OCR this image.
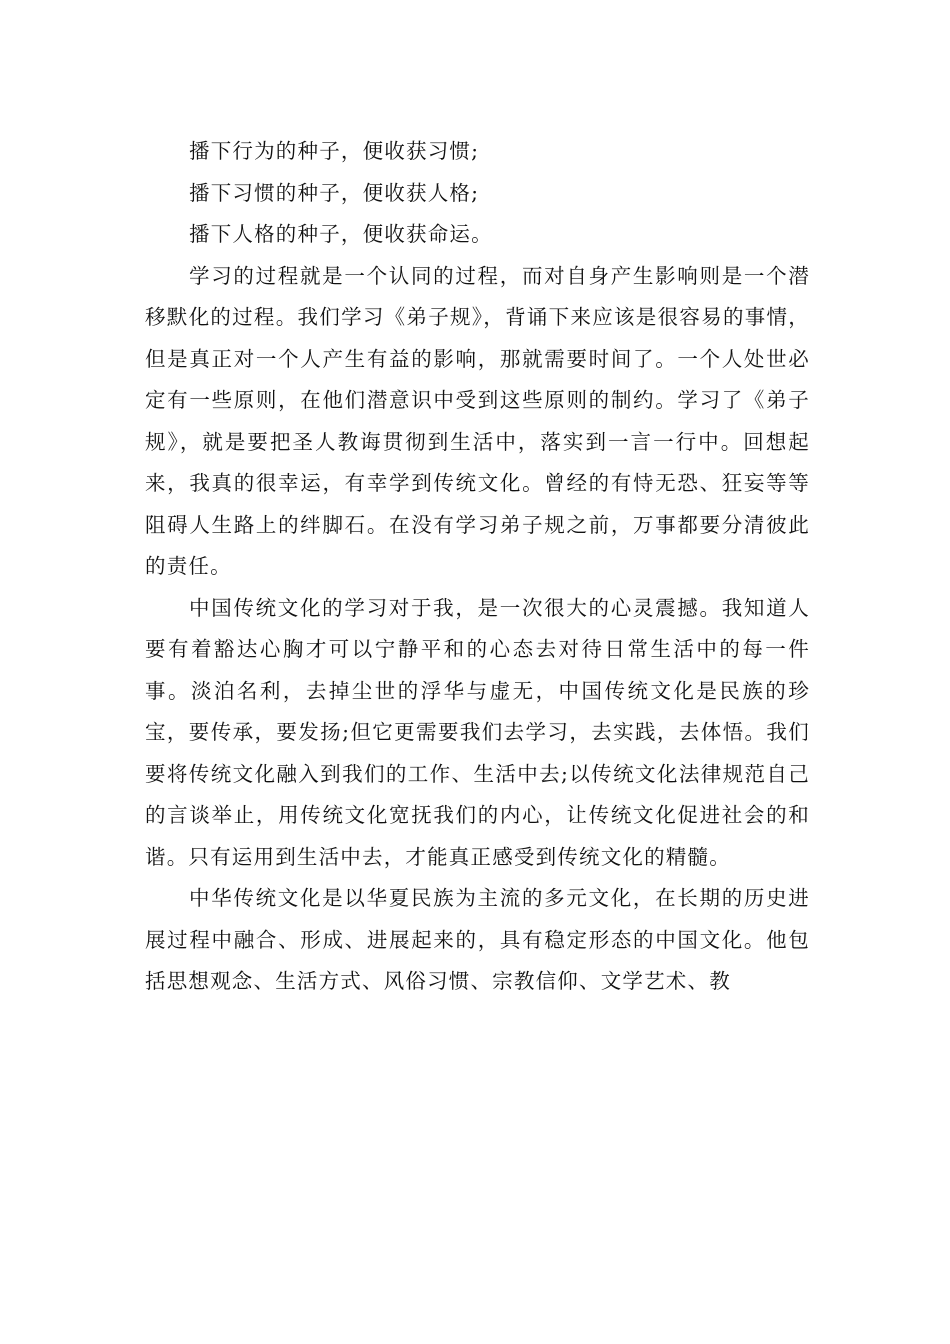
播下行为的种子，便收获习惯;

播下习惯的种子，便收获人格;

播下人格的种子，便收获命运。

学习的过程就是一个认同的过程，而对自身产生影响则是一个潜移默化的过程。我们学习《弟子规》，背诵下来应该是很容易的事情，但是真正对一个人产生有益的影响，那就需要时间了。一个人处世必定有一些原则，在他们潜意识中受到这些原则的制约。学习了《弟子规》，就是要把圣人教诲贯彻到生活中，落实到一言一行中。回想起来，我真的很幸运，有幸学到传统文化。曾经的有恃无恐、狂妄等等阻碍人生路上的绊脚石。在没有学习弟子规之前，万事都要分清彼此的责任。

中国传统文化的学习对于我，是一次很大的心灵震撼。我知道人要有着豁达心胸才可以宁静平和的心态去对待日常生活中的每一件事。淡泊名利，去掉尘世的浮华与虚无，中国传统文化是民族的珍宝，要传承，要发扬;但它更需要我们去学习，去实践，去体悟。我们要将传统文化融入到我们的工作、生活中去;以传统文化法律规范自己的言谈举止，用传统文化宽抚我们的内心，让传统文化促进社会的和谐。只有运用到生活中去，才能真正感受到传统文化的精髓。

中华传统文化是以华夏民族为主流的多元文化，在长期的历史进展过程中融合、形成、进展起来的，具有稳定形态的中国文化。他包括思想观念、生活方式、风俗习惯、宗教信仰、文学艺术、教
